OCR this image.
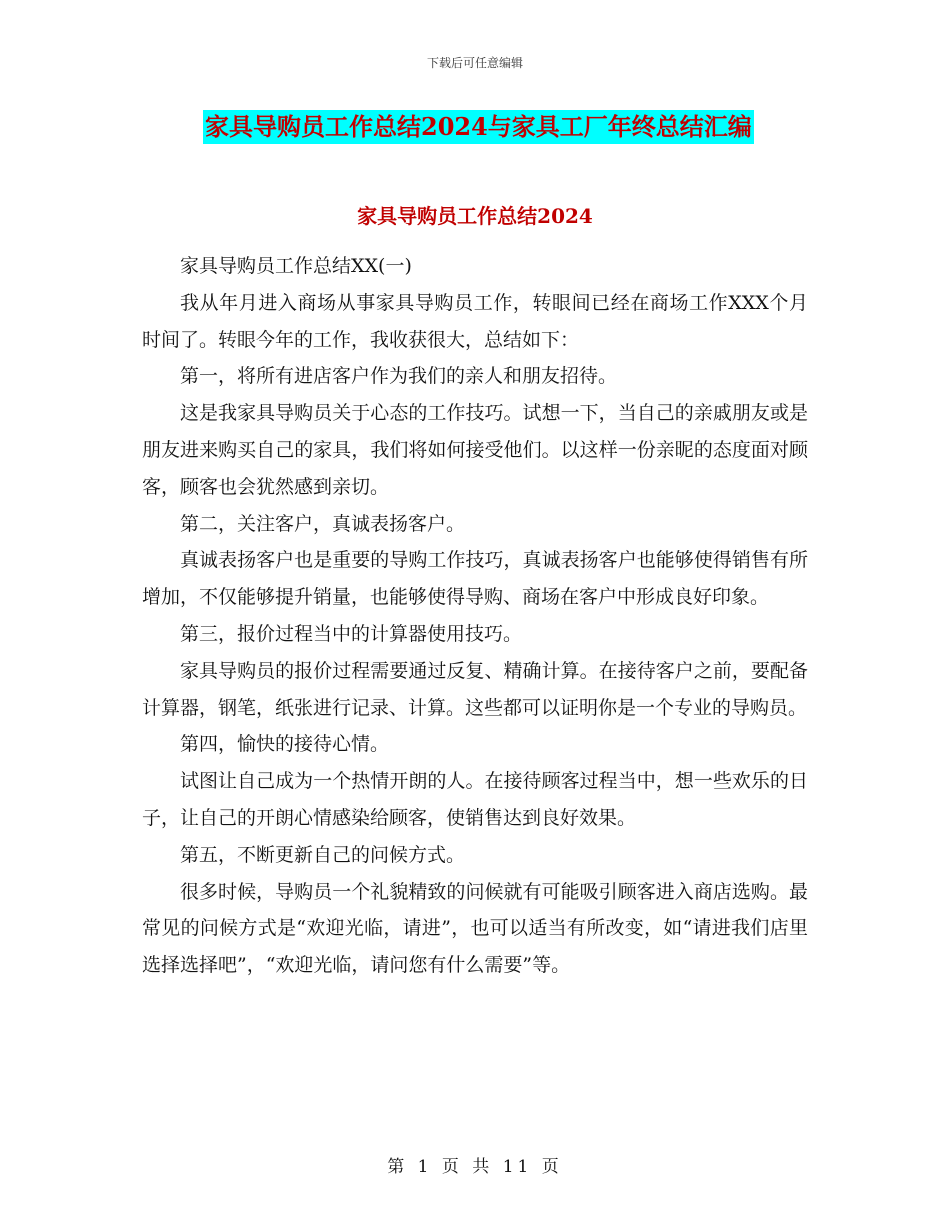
下载后可任意编辑
家具导购员工作总结2024与家具工厂年终总结汇编
家具导购员工作总结2024

家具导购员工作总结XX(一)

我从年月进入商场从事家具导购员工作，转眼间已经在商场工作XXX个月时间了。转眼今年的工作，我收获很大，总结如下：

第一，将所有进店客户作为我们的亲人和朋友招待。

这是我家具导购员关于心态的工作技巧。试想一下，当自己的亲戚朋友或是朋友进来购买自己的家具，我们将如何接受他们。以这样一份亲昵的态度面对顾客，顾客也会犹然感到亲切。

第二，关注客户，真诚表扬客户。

真诚表扬客户也是重要的导购工作技巧，真诚表扬客户也能够使得销售有所增加，不仅能够提升销量，也能够使得导购、商场在客户中形成良好印象。

第三，报价过程当中的计算器使用技巧。

家具导购员的报价过程需要通过反复、精确计算。在接待客户之前，要配备计算器，钢笔，纸张进行记录、计算。这些都可以证明你是一个专业的导购员。

第四，愉快的接待心情。

试图让自己成为一个热情开朗的人。在接待顾客过程当中，想一些欢乐的日子，让自己的开朗心情感染给顾客，使销售达到良好效果。

第五，不断更新自己的问候方式。

很多时候，导购员一个礼貌精致的问候就有可能吸引顾客进入商店选购。最常见的问候方式是“欢迎光临，请进”，也可以适当有所改变，如“请进我们店里选择选择吧”，“欢迎光临，请问您有什么需要”等。

第 1 页 共 11 页
